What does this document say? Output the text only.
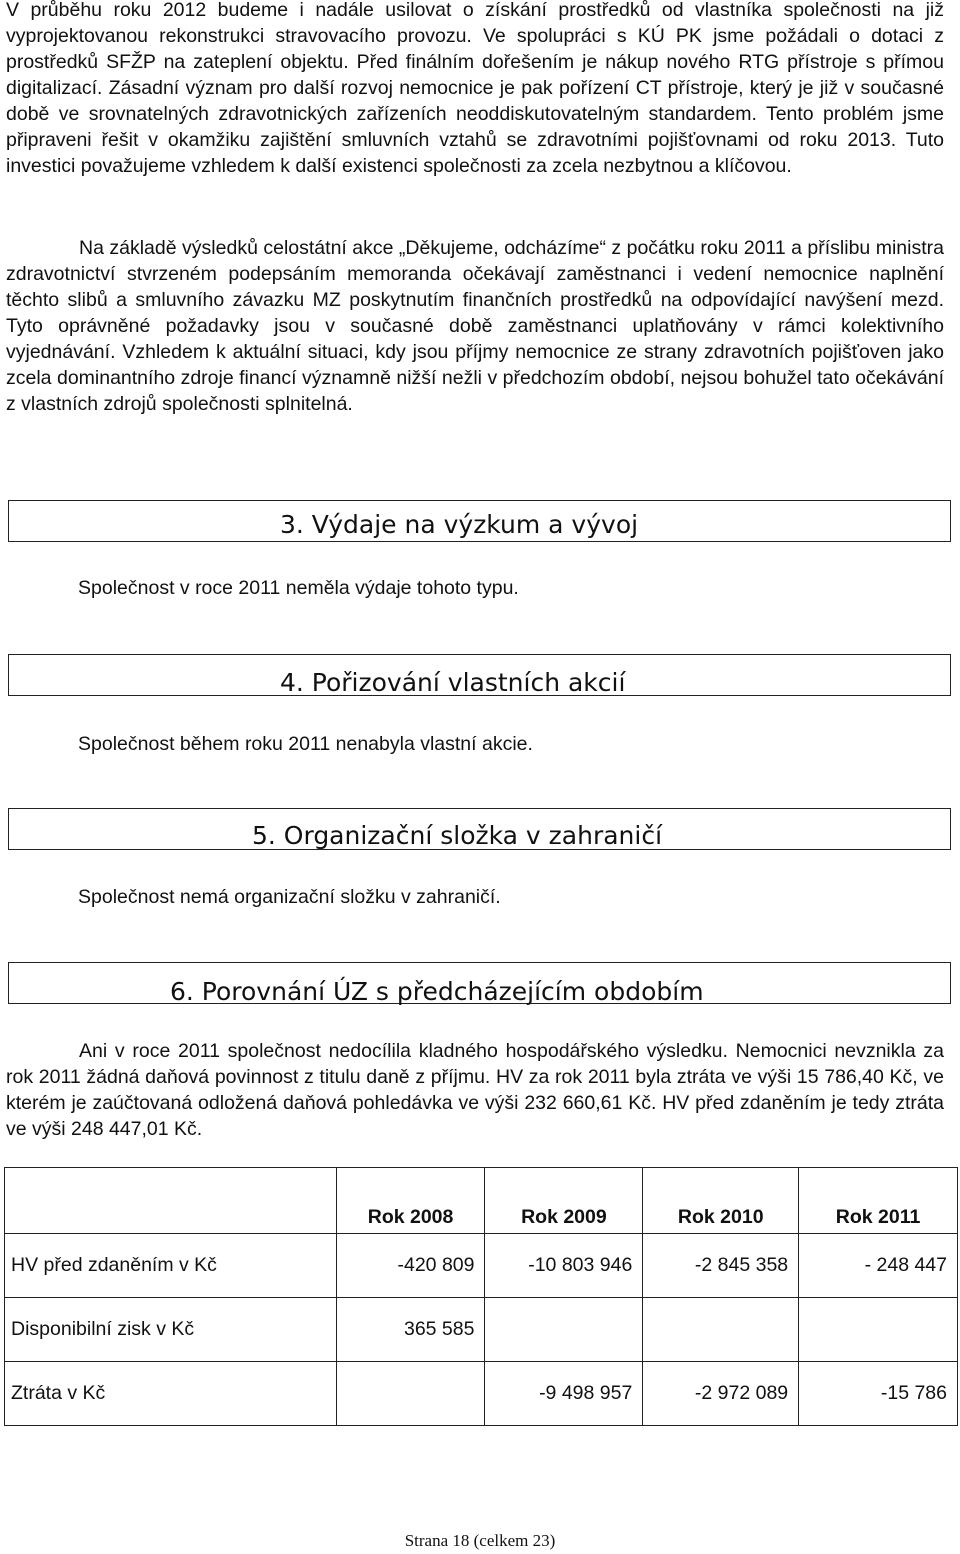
V průběhu roku 2012 budeme i nadále usilovat o získání prostředků od vlastníka společnosti na již vyprojektovanou rekonstrukci stravovacího provozu. Ve spolupráci s KÚ PK jsme požádali o dotaci z prostředků SFŽP na zateplení objektu. Před finálním dořešením je nákup nového RTG přístroje s přímou digitalizací. Zásadní význam pro další rozvoj nemocnice je pak pořízení CT přístroje, který je již v současné době ve srovnatelných zdravotnických zařízeních neoddiskutovatelným standardem. Tento problém jsme připraveni řešit v okamžiku zajištění smluvních vztahů se zdravotními pojišťovnami od roku 2013. Tuto investici považujeme vzhledem k další existenci společnosti za zcela nezbytnou a klíčovou.

Na základě výsledků celostátní akce „Děkujeme, odcházíme“ z počátku roku 2011 a příslibu ministra zdravotnictví stvrzeném podepsáním memoranda očekávají zaměstnanci i vedení nemocnice naplnění těchto slibů a smluvního závazku MZ poskytnutím finančních prostředků na odpovídající navýšení mezd. Tyto oprávněné požadavky jsou v současné době zaměstnanci uplatňovány v rámci kolektivního vyjednávání. Vzhledem k aktuální situaci, kdy jsou příjmy nemocnice ze strany zdravotních pojišťoven jako zcela dominantního zdroje financí významně nižší nežli v předchozím období, nejsou bohužel tato očekávání z vlastních zdrojů společnosti splnitelná.

3. Výdaje na výzkum a vývoj

Společnost v roce 2011 neměla výdaje tohoto typu.

4. Pořizování vlastních akcií

Společnost během roku 2011 nenabyla vlastní akcie.

5. Organizační složka v zahraničí

Společnost nemá organizační složku v zahraničí.

6. Porovnání ÚZ s předcházejícím obdobím

Ani v roce 2011 společnost nedocílila kladného hospodářského výsledku. Nemocnici nevznikla za rok 2011 žádná daňová povinnost z titulu daně z příjmu. HV za rok 2011 byla ztráta ve výši 15 786,40 Kč, ve kterém je zaúčtovaná odložená daňová pohledávka ve výši 232 660,61 Kč. HV před zdaněním je tedy ztráta ve výši 248 447,01 Kč.

	Rok 2008	Rok 2009	Rok 2010	Rok 2011
HV před zdaněním v Kč	-420 809	-10 803 946	-2 845 358	- 248 447
Disponibilní zisk v Kč	365 585			
Ztráta v Kč		-9 498 957	-2 972 089	-15 786
Strana 18 (celkem 23)
